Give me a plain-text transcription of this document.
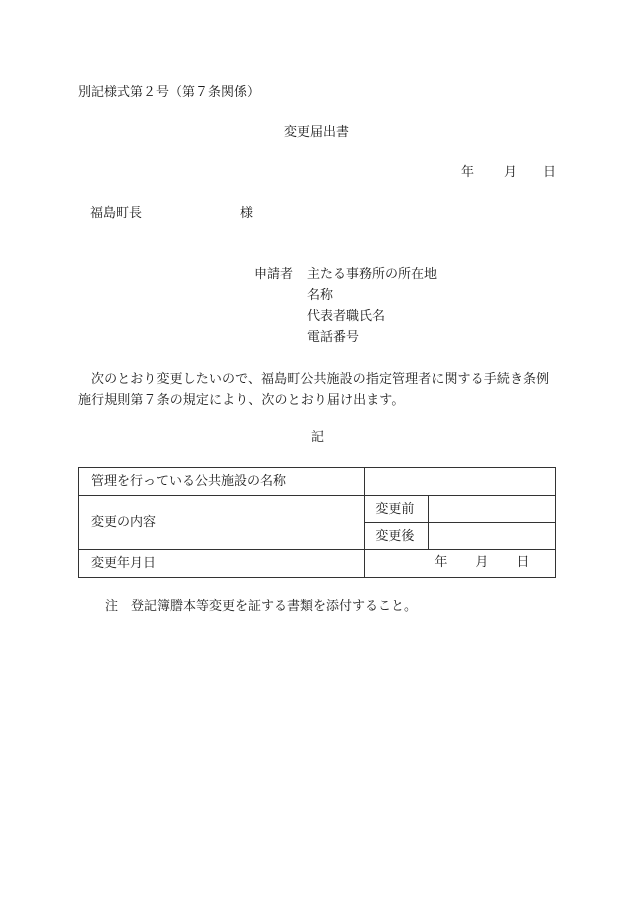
別記様式第２号（第７条関係）
変更届出書
年 月 日
福島町長	様
申請者 主たる事務所の所在地
名称
代表者職氏名
電話番号
次のとおり変更したいので、福島町公共施設の指定管理者に関する手続き条例施行規則第７条の規定により、次のとおり届け出ます。
記
管理を行っている公共施設の名称		
変更の内容	変更前	
	変更後	
変更年月日	年 月 日	
注　登記簿謄本等変更を証する書類を添付すること。
